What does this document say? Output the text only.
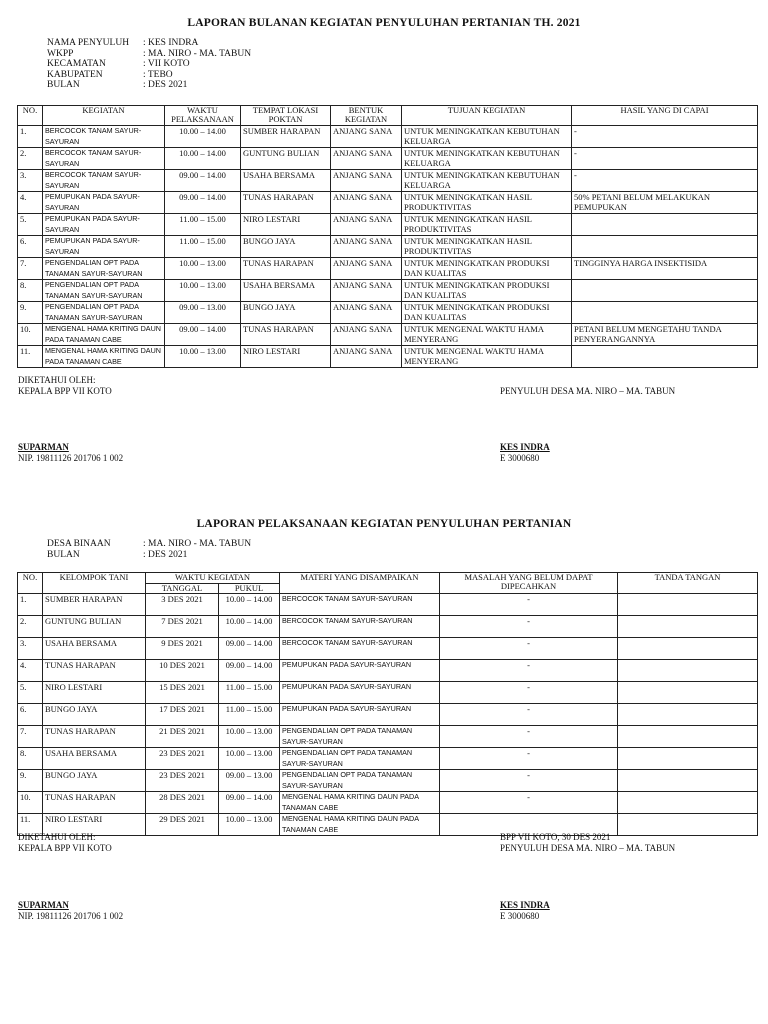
LAPORAN BULANAN KEGIATAN PENYULUHAN PERTANIAN TH. 2021
NAMA PENYULUH	: KES INDRA
WKPP	: MA. NIRO - MA. TABUN
KECAMATAN	: VII KOTO
KABUPATEN	: TEBO
BULAN	: DES 2021
NO.	KEGIATAN	WAKTU PELAKSANAAN	TEMPAT LOKASI POKTAN	BENTUK KEGIATAN	TUJUAN KEGIATAN	HASIL YANG DI CAPAI
1.	BERCOCOK TANAM SAYUR-SAYURAN	10.00 – 14.00	SUMBER HARAPAN	ANJANG SANA	UNTUK MENINGKATKAN KEBUTUHAN KELUARGA	-
2.	BERCOCOK TANAM SAYUR-SAYURAN	10.00 – 14.00	GUNTUNG BULIAN	ANJANG SANA	UNTUK MENINGKATKAN KEBUTUHAN KELUARGA	-
3.	BERCOCOK TANAM SAYUR-SAYURAN	09.00 – 14.00	USAHA BERSAMA	ANJANG SANA	UNTUK MENINGKATKAN KEBUTUHAN KELUARGA	-
4.	PEMUPUKAN PADA SAYUR-SAYURAN	09.00 – 14.00	TUNAS HARAPAN	ANJANG SANA	UNTUK MENINGKATKAN HASIL PRODUKTIVITAS	50% PETANI BELUM MELAKUKAN PEMUPUKAN
5.	PEMUPUKAN PADA SAYUR-SAYURAN	11.00 – 15.00	NIRO LESTARI	ANJANG SANA	UNTUK MENINGKATKAN HASIL PRODUKTIVITAS	
6.	PEMUPUKAN PADA SAYUR-SAYURAN	11.00 – 15.00	BUNGO JAYA	ANJANG SANA	UNTUK MENINGKATKAN HASIL PRODUKTIVITAS	
7.	PENGENDALIAN OPT PADA TANAMAN SAYUR-SAYURAN	10.00 – 13.00	TUNAS HARAPAN	ANJANG SANA	UNTUK MENINGKATKAN PRODUKSI DAN KUALITAS	TINGGINYA HARGA INSEKTISIDA
8.	PENGENDALIAN OPT PADA TANAMAN SAYUR-SAYURAN	10.00 – 13.00	USAHA BERSAMA	ANJANG SANA	UNTUK MENINGKATKAN PRODUKSI DAN KUALITAS	
9.	PENGENDALIAN OPT PADA TANAMAN SAYUR-SAYURAN	09.00 – 13.00	BUNGO JAYA	ANJANG SANA	UNTUK MENINGKATKAN PRODUKSI DAN KUALITAS	
10.	MENGENAL HAMA KRITING DAUN PADA TANAMAN CABE	09.00 – 14.00	TUNAS HARAPAN	ANJANG SANA	UNTUK MENGENAL WAKTU HAMA MENYERANG	PETANI BELUM MENGETAHU TANDA PENYERANGANNYA
11.	MENGENAL HAMA KRITING DAUN PADA TANAMAN CABE	10.00 – 13.00	NIRO LESTARI	ANJANG SANA	UNTUK MENGENAL WAKTU HAMA MENYERANG	
DIKETAHUI OLEH:
KEPALA BPP VII KOTO	PENYULUH DESA MA. NIRO – MA. TABUN
SUPARMAN
NIP. 19811126 201706 1 002
KES INDRA
E 3000680
LAPORAN PELAKSANAAN KEGIATAN PENYULUHAN PERTANIAN
DESA BINAAN	: MA. NIRO - MA. TABUN
BULAN	: DES 2021
NO.	KELOMPOK TANI	WAKTU KEGIATAN		MATERI YANG DISAMPAIKAN	MASALAH YANG BELUM DAPAT DIPECAHKAN	TANDA TANGAN
		TANGGAL	PUKUL			
1.	SUMBER HARAPAN	3 DES 2021	10.00 – 14.00	BERCOCOK TANAM SAYUR-SAYURAN	-	
2.	GUNTUNG BULIAN	7 DES 2021	10.00 – 14.00	BERCOCOK TANAM SAYUR-SAYURAN	-	
3.	USAHA BERSAMA	9 DES 2021	09.00 – 14.00	BERCOCOK TANAM SAYUR-SAYURAN	-	
4.	TUNAS HARAPAN	10 DES 2021	09.00 – 14.00	PEMUPUKAN PADA SAYUR-SAYURAN	-	
5.	NIRO LESTARI	15 DES 2021	11.00 – 15.00	PEMUPUKAN PADA SAYUR-SAYURAN	-	
6.	BUNGO JAYA	17 DES 2021	11.00 – 15.00	PEMUPUKAN PADA SAYUR-SAYURAN	-	
7.	TUNAS HARAPAN	21 DES 2021	10.00 – 13.00	PENGENDALIAN OPT PADA TANAMAN SAYUR-SAYURAN	-	
8.	USAHA BERSAMA	23 DES 2021	10.00 – 13.00	PENGENDALIAN OPT PADA TANAMAN SAYUR-SAYURAN	-	
9.	BUNGO JAYA	23 DES 2021	09.00 – 13.00	PENGENDALIAN OPT PADA TANAMAN SAYUR-SAYURAN	-	
10.	TUNAS HARAPAN	28 DES 2021	09.00 – 14.00	MENGENAL HAMA KRITING DAUN PADA TANAMAN CABE	-	
11.	NIRO LESTARI	29 DES 2021	10.00 – 13.00	MENGENAL HAMA KRITING DAUN PADA TANAMAN CABE		
DIKETAHUI OLEH:
KEPALA BPP VII KOTO
BPP VII KOTO, 30 DES 2021
PENYULUH DESA MA. NIRO – MA. TABUN
SUPARMAN
NIP. 19811126 201706 1 002
KES INDRA
E 3000680
